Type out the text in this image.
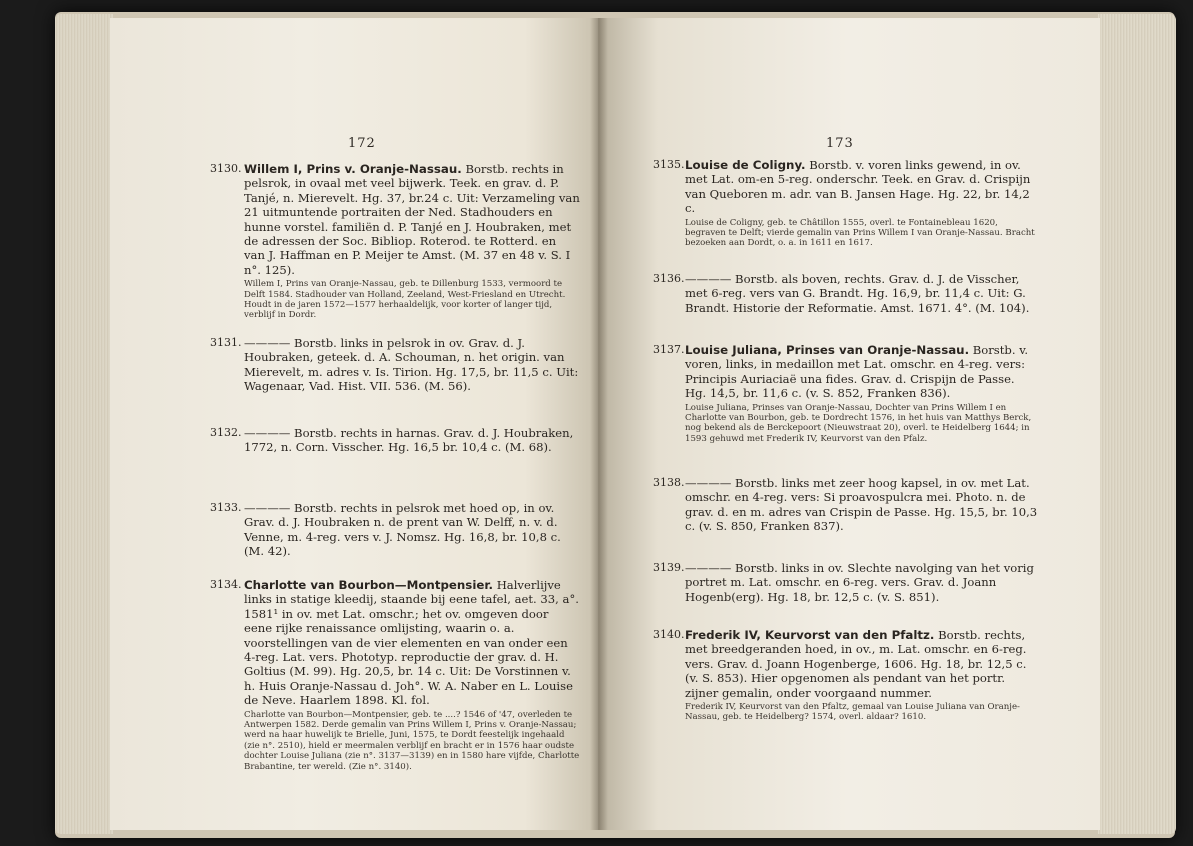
172
3130. Willem I, Prins v. Oranje-Nassau. Borstb. rechts in pelsrok, in ovaal met veel bijwerk. Teek. en grav. d. P. Tanjé, n. Mierevelt. Hg. 37, br.24 c. Uit: Verzameling van 21 uitmuntende portraiten der Ned. Stadhouders en hunne vorstel. familiën d. P. Tanjé en J. Houbraken, met de adressen der Soc. Bibliop. Roterod. te Rotterd. en van J. Haffman en P. Meijer te Amst. (M. 37 en 48 v. S. I n°. 125).

Willem I, Prins van Oranje-Nassau, geb. te Dillenburg 1533, vermoord te Delft 1584. Stadhouder van Holland, Zeeland, West-Friesland en Utrecht. Houdt in de jaren 1572—1577 herhaaldelijk, voor korter of langer tijd, verblijf in Dordr.

3131. ———— Borstb. links in pelsrok in ov. Grav. d. J. Houbraken, geteek. d. A. Schouman, n. het origin. van Mierevelt, m. adres v. Is. Tirion. Hg. 17,5, br. 11,5 c. Uit: Wagenaar, Vad. Hist. VII. 536. (M. 56).

3132. ———— Borstb. rechts in harnas. Grav. d. J. Houbraken, 1772, n. Corn. Visscher. Hg. 16,5 br. 10,4 c. (M. 68).

3133. ———— Borstb. rechts in pelsrok met hoed op, in ov. Grav. d. J. Houbraken n. de prent van W. Delff, n. v. d. Venne, m. 4-reg. vers v. J. Nomsz. Hg. 16,8, br. 10,8 c. (M. 42).

3134. Charlotte van Bourbon—Montpensier. Halverlijve links in statige kleedij, staande bij eene tafel, aet. 33, a°. 1581¹ in ov. met Lat. omschr.; het ov. omgeven door eene rijke renaissance omlijsting, waarin o. a. voorstellingen van de vier elementen en van onder een 4-reg. Lat. vers. Phototyp. reproductie der grav. d. H. Goltius (M. 99). Hg. 20,5, br. 14 c. Uit: De Vorstinnen v. h. Huis Oranje-Nassau d. Joh°. W. A. Naber en L. Louise de Neve. Haarlem 1898. Kl. fol.

Charlotte van Bourbon—Montpensier, geb. te ....? 1546 of '47, overleden te Antwerpen 1582. Derde gemalin van Prins Willem I, Prins v. Oranje-Nassau; werd na haar huwelijk te Brielle, Juni, 1575, te Dordt feestelijk ingehaald (zie n°. 2510), hield er meermalen verblijf en bracht er in 1576 haar oudste dochter Louise Juliana (zie n°. 3137—3139) en in 1580 hare vijfde, Charlotte Brabantine, ter wereld. (Zie n°. 3140).

173
3135. Louise de Coligny. Borstb. v. voren links gewend, in ov. met Lat. om-en 5-reg. onderschr. Teek. en Grav. d. Crispijn van Queboren m. adr. van B. Jansen Hage. Hg. 22, br. 14,2 c.

Louise de Coligny, geb. te Châtillon 1555, overl. te Fontainebleau 1620, begraven te Delft; vierde gemalin van Prins Willem I van Oranje-Nassau. Bracht bezoeken aan Dordt, o. a. in 1611 en 1617.

3136. ———— Borstb. als boven, rechts. Grav. d. J. de Visscher, met 6-reg. vers van G. Brandt. Hg. 16,9, br. 11,4 c. Uit: G. Brandt. Historie der Reformatie. Amst. 1671. 4°. (M. 104).

3137. Louise Juliana, Prinses van Oranje-Nassau. Borstb. v. voren, links, in medaillon met Lat. omschr. en 4-reg. vers: Principis Auriaciaë una fides. Grav. d. Crispijn de Passe. Hg. 14,5, br. 11,6 c. (v. S. 852, Franken 836).

Louise Juliana, Prinses van Oranje-Nassau, Dochter van Prins Willem I en Charlotte van Bourbon, geb. te Dordrecht 1576, in het huis van Matthys Berck, nog bekend als de Berckepoort (Nieuwstraat 20), overl. te Heidelberg 1644; in 1593 gehuwd met Frederik IV, Keurvorst van den Pfalz.

3138. ———— Borstb. links met zeer hoog kapsel, in ov. met Lat. omschr. en 4-reg. vers: Si proavospulcra mei. Photo. n. de grav. d. en m. adres van Crispin de Passe. Hg. 15,5, br. 10,3 c. (v. S. 850, Franken 837).

3139. ———— Borstb. links in ov. Slechte navolging van het vorig portret m. Lat. omschr. en 6-reg. vers. Grav. d. Joann Hogenb(erg). Hg. 18, br. 12,5 c. (v. S. 851).

3140. Frederik IV, Keurvorst van den Pfaltz. Borstb. rechts, met breedgeranden hoed, in ov., m. Lat. omschr. en 6-reg. vers. Grav. d. Joann Hogenberge, 1606. Hg. 18, br. 12,5 c. (v. S. 853). Hier opgenomen als pendant van het portr. zijner gemalin, onder voorgaand nummer.

Frederik IV, Keurvorst van den Pfaltz, gemaal van Louise Juliana van Oranje-Nassau, geb. te Heidelberg? 1574, overl. aldaar? 1610.
